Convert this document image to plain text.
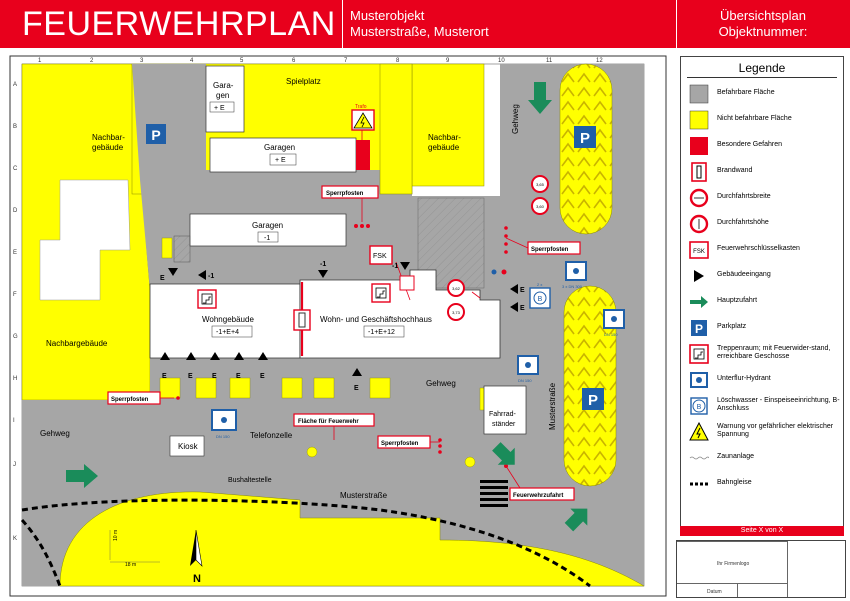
FEUERWEHRPLAN Musterobjekt
Musterstraße, Musterort
Übersichtsplan
Objektnummer:
1	2	3	4	5	6	7	8	9	10	11	12
A
B
C
D
E
F
G
H
I
J
K
Spielplatz
Gara-
gen
+ E	Trafo
Garagen
+ E
Garagen
-1
Nachbar-
gebäude
Nachbar-
gebäude
Gehweg
Nachbargebäude
Wohngebäude
-1+E+4
Wohn- und Geschäftshochhaus
-1+E+12
Gehweg
Gehweg
Kiosk
Telefonzelle
Bushaltestelle
Musterstraße
Musterstraße
Fahrrad-
ständer
10 m
18 m
Sperrpfosten
Sperrpfosten
Sperrpfosten
Sperrpfosten
Fläche für Feuerwehr
Feuerwehrzufahrt
FSK
3,65
3,60
3,62
3,73
P	P
P
DN 150
DN 150
DN 150
3 x DN 300
2 x
B
E	E	E	E	E
E
E	-1
-1	-1
E
E
N
Legende
Befahrbare Fläche
Nicht befahrbare Fläche
Besondere Gefahren
Brandwand
Durchfahrtsbreite
Durchfahrtshöhe
FSK Feuerwehrschlüsselkasten
Gebäudeeingang
Hauptzufahrt
P Parkplatz
Treppenraum; mit Feuerwider-stand, erreichbare Geschosse
Unterflur-Hydrant
B
Löschwasser - Einspeiseeinrichtung, B-Anschluss
Warnung vor gefährlicher elektrischer Spannung
Zaunanlage
Bahngleise
Seite X von X
Ihr Firmenlogo
Datum
